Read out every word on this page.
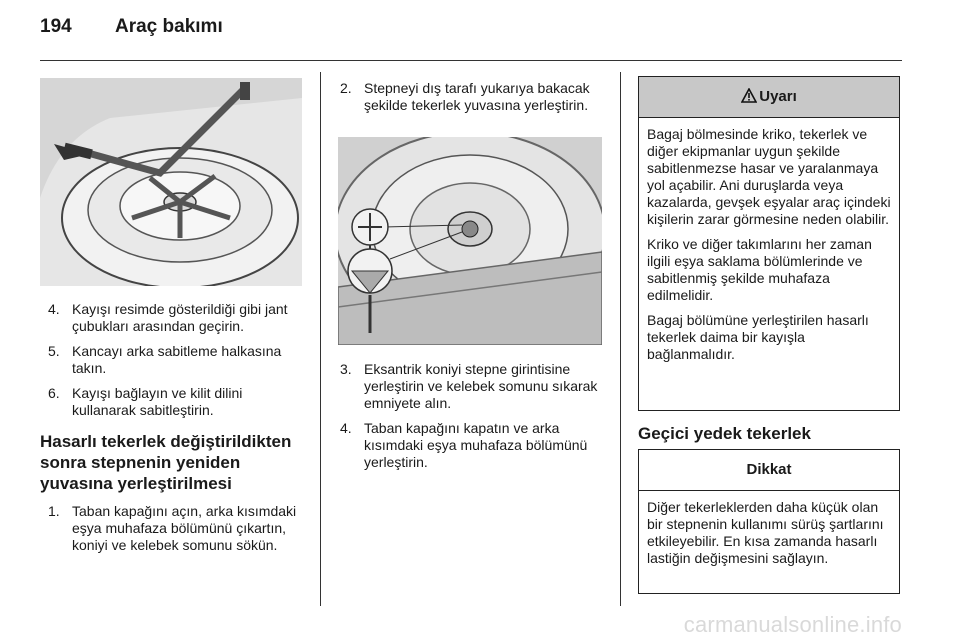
194 Araç bakımı
4. Kayışı resimde gösterildiği gibi jant çubukları arasından geçirin.
5. Kancayı arka sabitleme halkasına takın.
6. Kayışı bağlayın ve kilit dilini kullanarak sabitleştirin.
Hasarlı tekerlek değiştirildikten sonra stepnenin yeniden yuvasına yerleştirilmesi
1. Taban kapağını açın, arka kısımdaki eşya muhafaza bölümünü çıkartın, koniyi ve kelebek somunu sökün.
2. Stepneyi dış tarafı yukarıya bakacak şekilde tekerlek yuvasına yerleştirin.
3. Eksantrik koniyi stepne girintisine yerleştirin ve kelebek somunu sıkarak emniyete alın.
4. Taban kapağını kapatın ve arka kısımdaki eşya muhafaza bölümünü yerleştirin.
Uyarı

Bagaj bölmesinde kriko, tekerlek ve diğer ekipmanlar uygun şekilde sabitlenmezse hasar ve yaralanmaya yol açabilir. Ani duruşlarda veya kazalarda, gevşek eşyalar araç içindeki kişilerin zarar görmesine neden olabilir.

Kriko ve diğer takımlarını her zaman ilgili eşya saklama bölümlerinde ve sabitlenmiş şekilde muhafaza edilmelidir.

Bagaj bölümüne yerleştirilen hasarlı tekerlek daima bir kayışla bağlanmalıdır.

Geçici yedek tekerlek
Dikkat

Diğer tekerleklerden daha küçük olan bir stepnenin kullanımı sürüş şartlarını etkileyebilir. En kısa zamanda hasarlı lastiğin değişmesini sağlayın.

carmanualsonline.info
